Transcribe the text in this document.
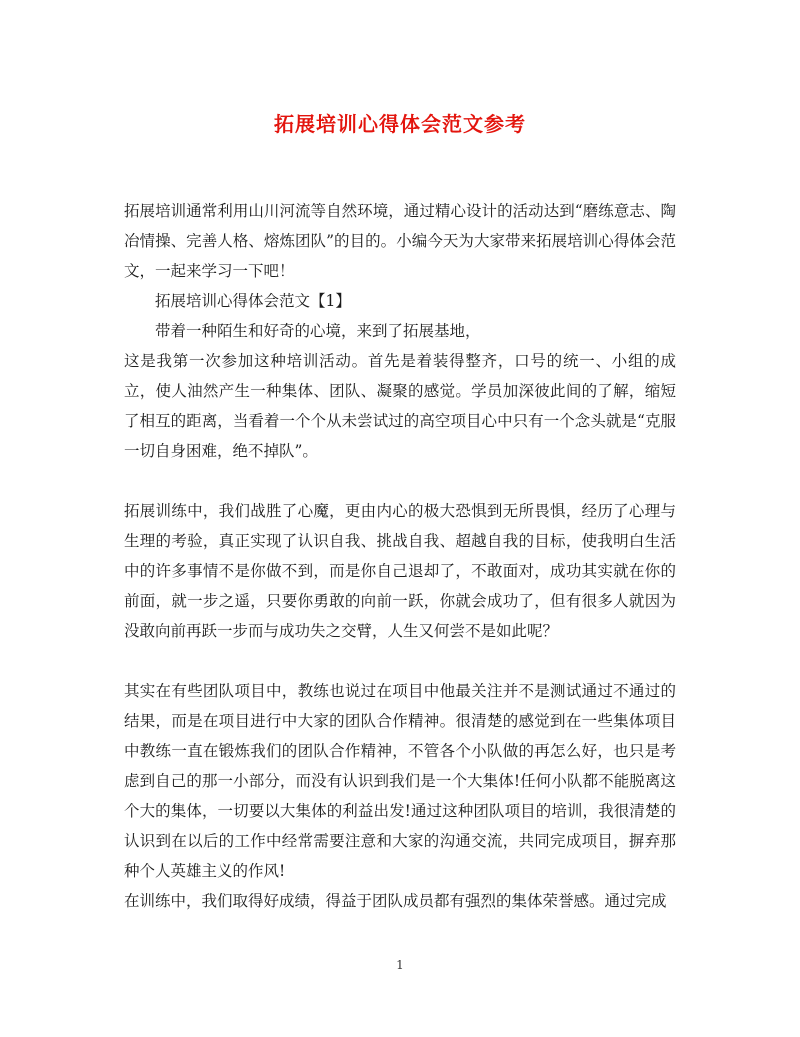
拓展培训心得体会范文参考

拓展培训通常利用山川河流等自然环境，通过精心设计的活动达到“磨练意志、陶冶情操、完善人格、熔炼团队”的目的。小编今天为大家带来拓展培训心得体会范文，一起来学习一下吧！

拓展培训心得体会范文【1】

带着一种陌生和好奇的心境，来到了拓展基地，

这是我第一次参加这种培训活动。首先是着装得整齐，口号的统一、小组的成立，使人油然产生一种集体、团队、凝聚的感觉。学员加深彼此间的了解，缩短了相互的距离，当看着一个个从未尝试过的高空项目心中只有一个念头就是“克服一切自身困难，绝不掉队”。

拓展训练中，我们战胜了心魔，更由内心的极大恐惧到无所畏惧，经历了心理与生理的考验，真正实现了认识自我、挑战自我、超越自我的目标，使我明白生活中的许多事情不是你做不到，而是你自己退却了，不敢面对，成功其实就在你的前面，就一步之遥，只要你勇敢的向前一跃，你就会成功了，但有很多人就因为没敢向前再跃一步而与成功失之交臂，人生又何尝不是如此呢？

其实在有些团队项目中，教练也说过在项目中他最关注并不是测试通过不通过的结果，而是在项目进行中大家的团队合作精神。很清楚的感觉到在一些集体项目中教练一直在锻炼我们的团队合作精神，不管各个小队做的再怎么好，也只是考虑到自己的那一小部分，而没有认识到我们是一个大集体!任何小队都不能脱离这个大的集体，一切要以大集体的利益出发!通过这种团队项目的培训，我很清楚的认识到在以后的工作中经常需要注意和大家的沟通交流，共同完成项目，摒弃那种个人英雄主义的作风!

在训练中，我们取得好成绩，得益于团队成员都有强烈的集体荣誉感。通过完成

1
